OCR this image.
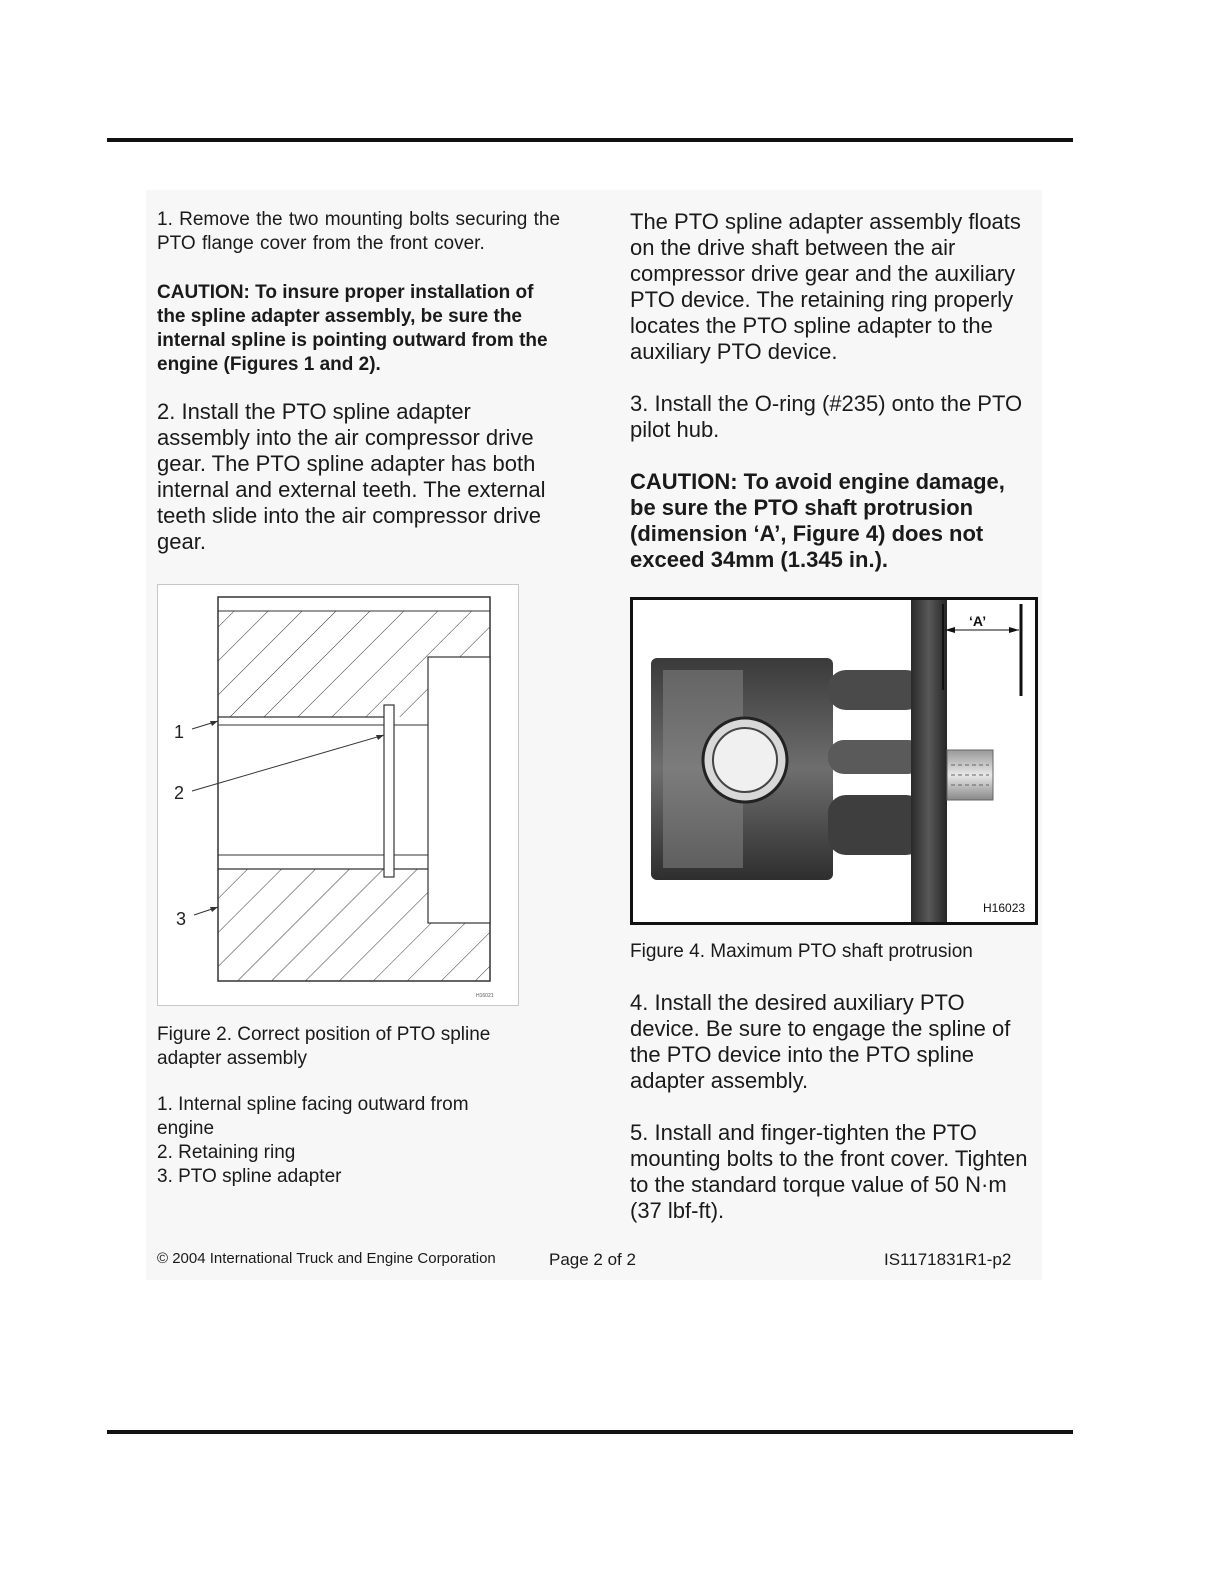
1. Remove the two mounting bolts securing the PTO flange cover from the front cover.

CAUTION: To insure proper installation of the spline adapter assembly, be sure the internal spline is pointing outward from the engine (Figures 1 and 2).

2. Install the PTO spline adapter assembly into the air compressor drive gear. The PTO spline adapter has both internal and external teeth. The external teeth slide into the air compressor drive gear.

1
2
3
H16021

Figure 2. Correct position of PTO spline adapter assembly

1. Internal spline facing outward from engine

2. Retaining ring

3. PTO spline adapter

The PTO spline adapter assembly floats on the drive shaft between the air compressor drive gear and the auxiliary PTO device. The retaining ring properly locates the PTO spline adapter to the auxiliary PTO device.

3. Install the O-ring (#235) onto the PTO pilot hub.

CAUTION: To avoid engine damage, be sure the PTO shaft protrusion (dimension ‘A’, Figure 4) does not exceed 34mm (1.345 in.).

‘A’
H16023

Figure 4. Maximum PTO shaft protrusion

4. Install the desired auxiliary PTO device. Be sure to engage the spline of the PTO device into the PTO spline adapter assembly.

5. Install and finger-tighten the PTO mounting bolts to the front cover. Tighten to the standard torque value of 50 N·m (37 lbf-ft).

© 2004 International Truck and Engine Corporation	Page 2 of 2	IS1171831R1-p2
